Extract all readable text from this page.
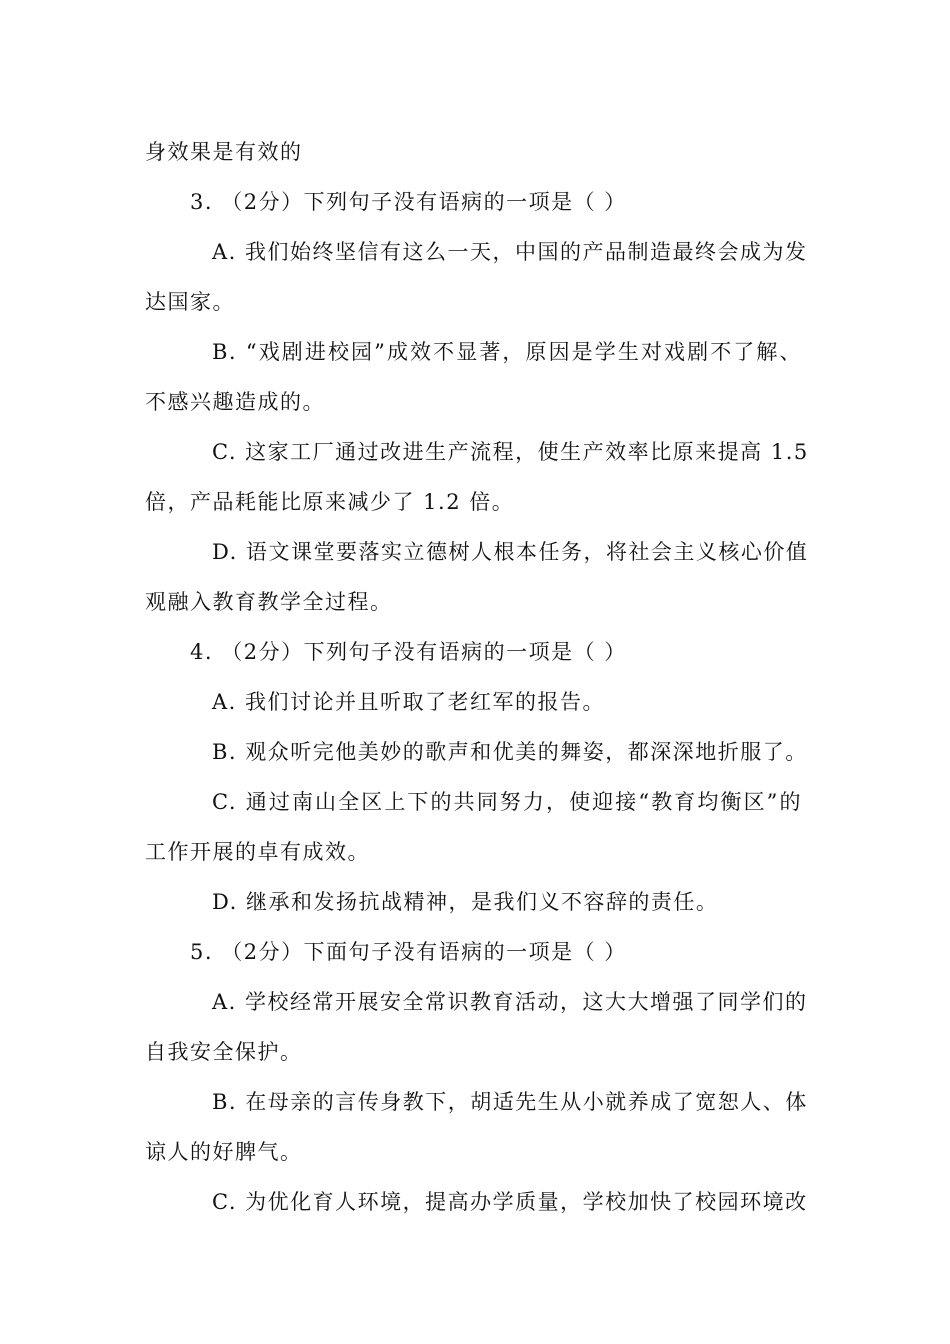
身效果是有效的
3. （2分）下列句子没有语病的一项是（ ）
A. 我们始终坚信有这么一天，中国的产品制造最终会成为发
达国家。
B. “戏剧进校园”成效不显著，原因是学生对戏剧不了解、
不感兴趣造成的。
C. 这家工厂通过改进生产流程，使生产效率比原来提高 1.5
倍，产品耗能比原来减少了 1.2 倍。
D. 语文课堂要落实立德树人根本任务，将社会主义核心价值
观融入教育教学全过程。
4. （2分）下列句子没有语病的一项是（ ）
A. 我们讨论并且听取了老红军的报告。
B. 观众听完他美妙的歌声和优美的舞姿，都深深地折服了。
C. 通过南山全区上下的共同努力，使迎接“教育均衡区”的
工作开展的卓有成效。
D. 继承和发扬抗战精神，是我们义不容辞的责任。
5. （2分）下面句子没有语病的一项是（ ）
A. 学校经常开展安全常识教育活动，这大大增强了同学们的
自我安全保护。
B. 在母亲的言传身教下，胡适先生从小就养成了宽恕人、体
谅人的好脾气。
C. 为优化育人环境，提高办学质量，学校加快了校园环境改
